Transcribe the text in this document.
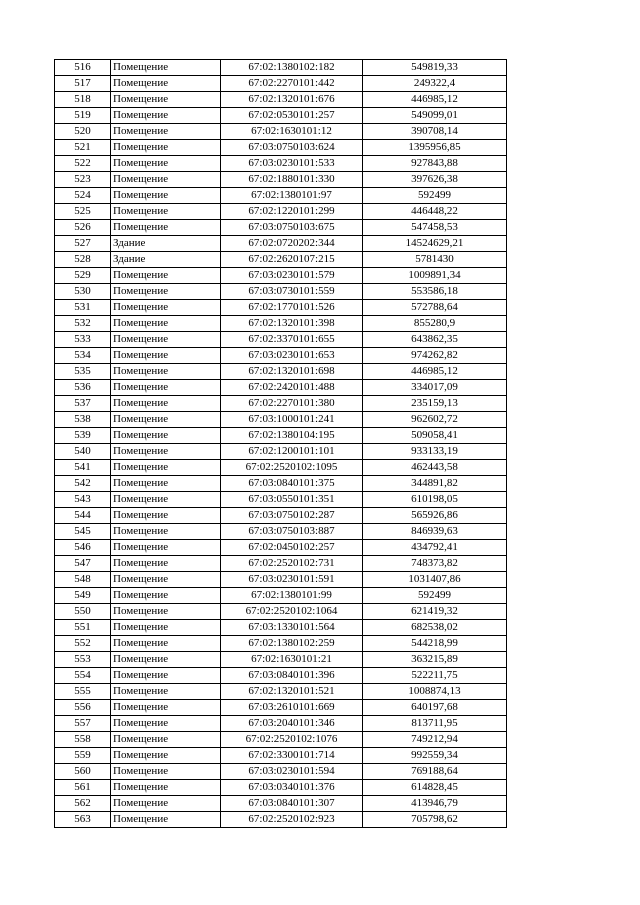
516	Помещение	67:02:1380102:182	549819,33
517	Помещение	67:02:2270101:442	249322,4
518	Помещение	67:02:1320101:676	446985,12
519	Помещение	67:02:0530101:257	549099,01
520	Помещение	67:02:1630101:12	390708,14
521	Помещение	67:03:0750103:624	1395956,85
522	Помещение	67:03:0230101:533	927843,88
523	Помещение	67:02:1880101:330	397626,38
524	Помещение	67:02:1380101:97	592499
525	Помещение	67:02:1220101:299	446448,22
526	Помещение	67:03:0750103:675	547458,53
527	Здание	67:02:0720202:344	14524629,21
528	Здание	67:02:2620107:215	5781430
529	Помещение	67:03:0230101:579	1009891,34
530	Помещение	67:03:0730101:559	553586,18
531	Помещение	67:02:1770101:526	572788,64
532	Помещение	67:02:1320101:398	855280,9
533	Помещение	67:02:3370101:655	643862,35
534	Помещение	67:03:0230101:653	974262,82
535	Помещение	67:02:1320101:698	446985,12
536	Помещение	67:02:2420101:488	334017,09
537	Помещение	67:02:2270101:380	235159,13
538	Помещение	67:03:1000101:241	962602,72
539	Помещение	67:02:1380104:195	509058,41
540	Помещение	67:02:1200101:101	933133,19
541	Помещение	67:02:2520102:1095	462443,58
542	Помещение	67:03:0840101:375	344891,82
543	Помещение	67:03:0550101:351	610198,05
544	Помещение	67:03:0750102:287	565926,86
545	Помещение	67:03:0750103:887	846939,63
546	Помещение	67:02:0450102:257	434792,41
547	Помещение	67:02:2520102:731	748373,82
548	Помещение	67:03:0230101:591	1031407,86
549	Помещение	67:02:1380101:99	592499
550	Помещение	67:02:2520102:1064	621419,32
551	Помещение	67:03:1330101:564	682538,02
552	Помещение	67:02:1380102:259	544218,99
553	Помещение	67:02:1630101:21	363215,89
554	Помещение	67:03:0840101:396	522211,75
555	Помещение	67:02:1320101:521	1008874,13
556	Помещение	67:03:2610101:669	640197,68
557	Помещение	67:03:2040101:346	813711,95
558	Помещение	67:02:2520102:1076	749212,94
559	Помещение	67:02:3300101:714	992559,34
560	Помещение	67:03:0230101:594	769188,64
561	Помещение	67:03:0340101:376	614828,45
562	Помещение	67:03:0840101:307	413946,79
563	Помещение	67:02:2520102:923	705798,62
